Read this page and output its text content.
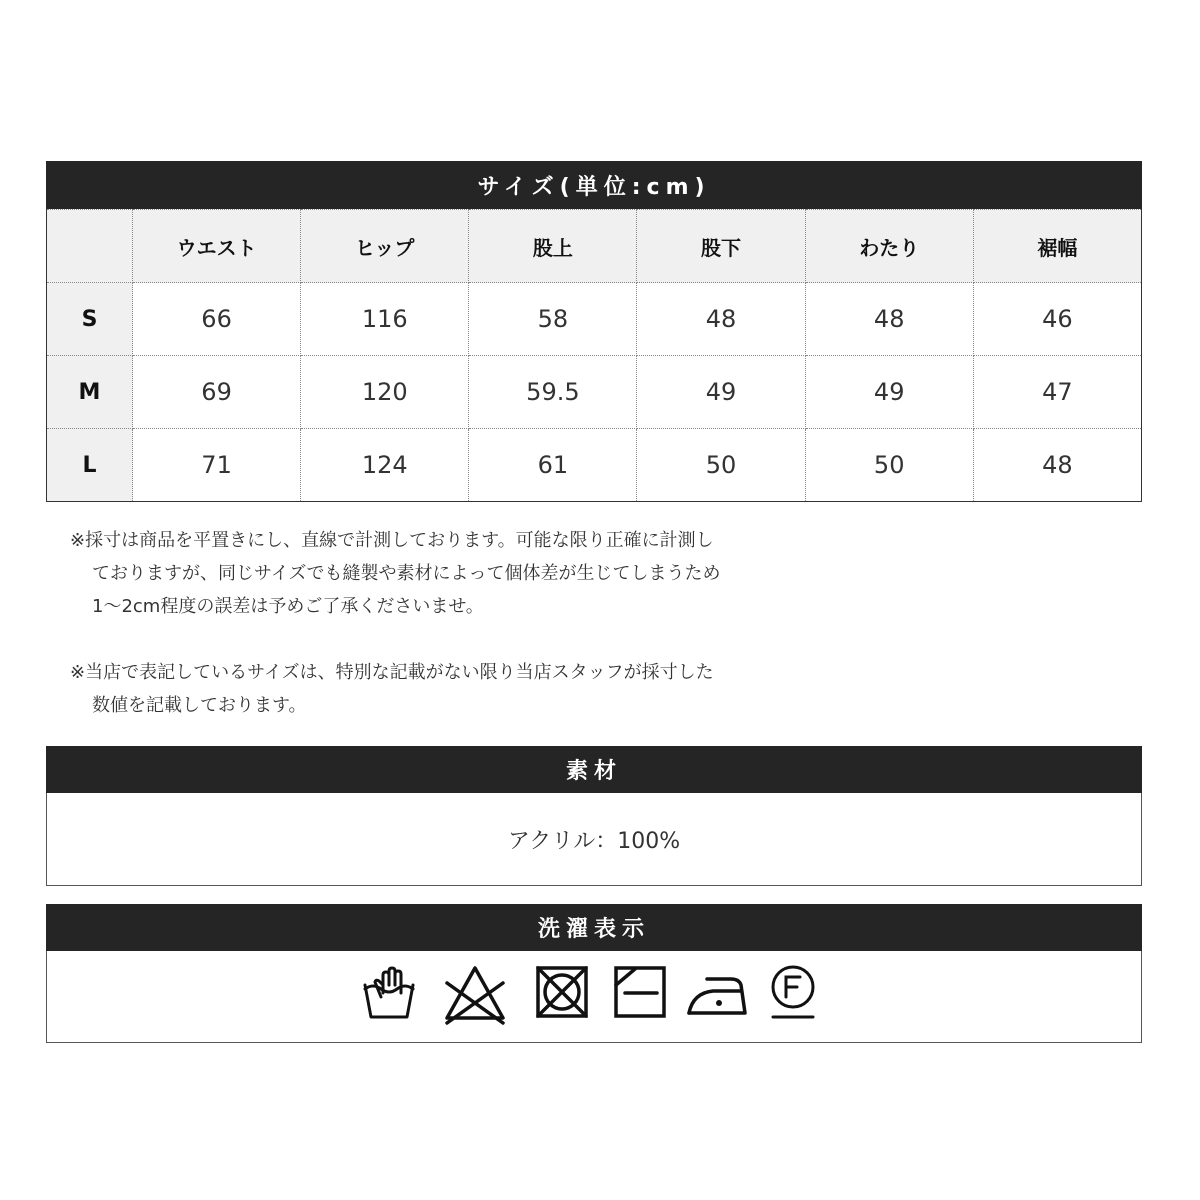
サイズ(単位:cm)
	ウエスト	ヒップ	股上	股下	わたり	裾幅
S	66	116	58	48	48	46
M	69	120	59.5	49	49	47
L	71	124	61	50	50	48

※採寸は商品を平置きにし、直線で計測しております。可能な限り正確に計測し

ておりますが、同じサイズでも縫製や素材によって個体差が生じてしまうため

1〜2cm程度の誤差は予めご了承くださいませ。

※当店で表記しているサイズは、特別な記載がない限り当店スタッフが採寸した

数値を記載しております。

素材
アクリル：100%
洗濯表示
